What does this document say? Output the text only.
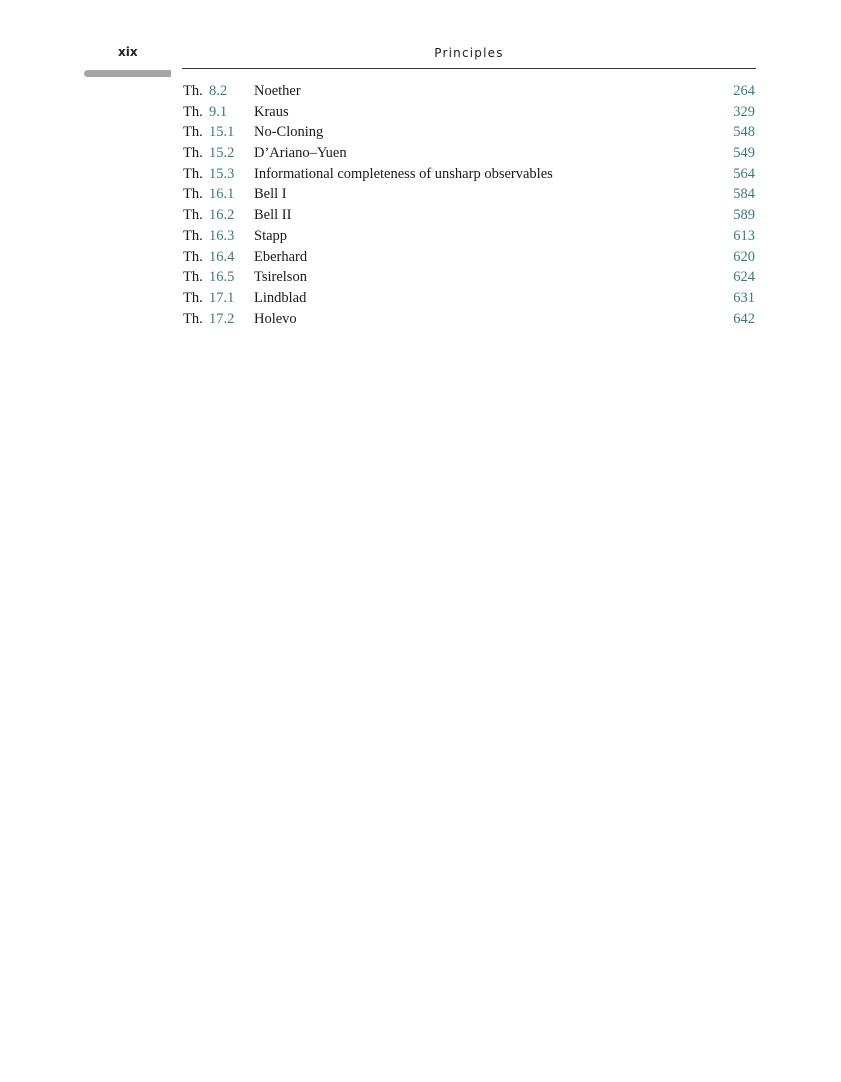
xix	Principles
Th. 8.2 Noether	264
Th. 9.1 Kraus	329
Th. 15.1 No-Cloning	548
Th. 15.2 D’Ariano–Yuen	549
Th. 15.3 Informational completeness of unsharp observables	564
Th. 16.1 Bell I	584
Th. 16.2 Bell II	589
Th. 16.3 Stapp	613
Th. 16.4 Eberhard	620
Th. 16.5 Tsirelson	624
Th. 17.1 Lindblad	631
Th. 17.2 Holevo	642
